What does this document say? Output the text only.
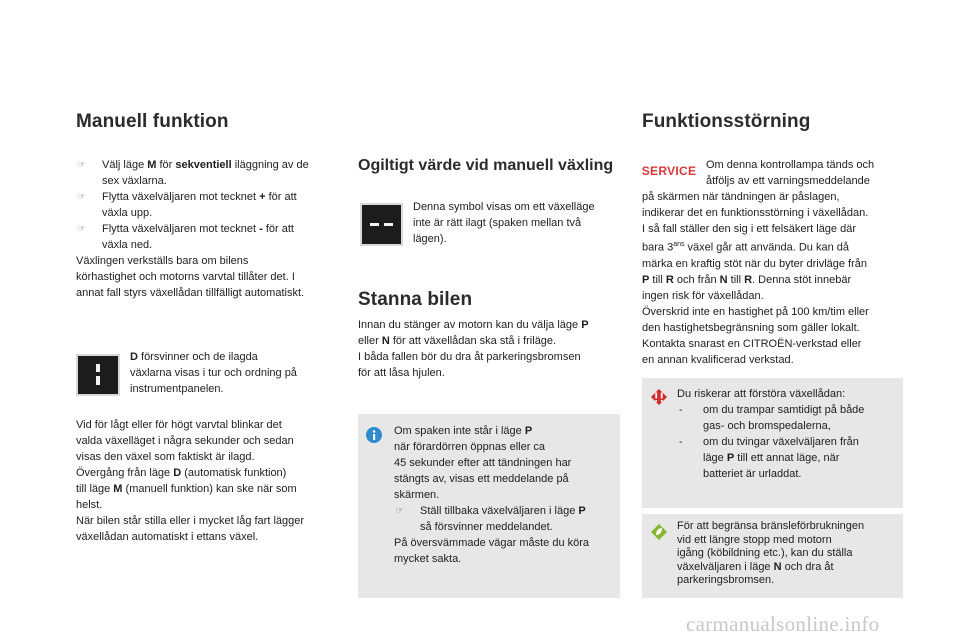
Manuell funktion
☞	Välj läge M för sekventiell iläggning av de
sex växlarna.
☞	Flytta växelväljaren mot tecknet + för att
växla upp.
☞	Flytta växelväljaren mot tecknet - för att
växla ned.
Växlingen verkställs bara om bilens
körhastighet och motorns varvtal tillåter det. I
annat fall styrs växellådan tillfälligt automatiskt.
D försvinner och de ilagda
växlarna visas i tur och ordning på
instrumentpanelen.
Vid för lågt eller för högt varvtal blinkar det
valda växelläget i några sekunder och sedan
visas den växel som faktiskt är ilagd.
Övergång från läge D (automatisk funktion)
till läge M (manuell funktion) kan ske när som
helst.
När bilen står stilla eller i mycket låg fart lägger
växellådan automatiskt i ettans växel.
Ogiltigt värde vid manuell växling
Denna symbol visas om ett växelläge
inte är rätt ilagt (spaken mellan två
lägen).
Stanna bilen
Innan du stänger av motorn kan du välja läge P
eller N för att växellådan ska stå i friläge.
I båda fallen bör du dra åt parkeringsbromsen
för att låsa hjulen.
Om spaken inte står i läge P
när förardörren öppnas eller ca
45 sekunder efter att tändningen har
stängts av, visas ett meddelande på
skärmen.
☞	Ställ tillbaka växelväljaren i läge P
så försvinner meddelandet.
På översvämmade vägar måste du köra
mycket sakta.
Funktionsstörning
SERVICE Om denna kontrollampa tänds och
åtföljs av ett varningsmeddelande
på skärmen när tändningen är påslagen,
indikerar det en funktionsstörning i växellådan.
I så fall ställer den sig i ett felsäkert läge där
bara $3^{ans}$ växel går att använda. Du kan då
märka en kraftig stöt när du byter drivläge från
P till R och från N till R. Denna stöt innebär
ingen risk för växellådan.
Överskrid inte en hastighet på 100 km/tim eller
den hastighetsbegränsning som gäller lokalt.
Kontakta snarast en CITROËN-verkstad eller
en annan kvalificerad verkstad.
Du riskerar att förstöra växellådan:
-	om du trampar samtidigt på både
gas- och bromspedalerna,
-	om du tvingar växelväljaren från
läge P till ett annat läge, när
batteriet är urladdat.
För att begränsa bränsleförbrukningen
vid ett längre stopp med motorn
igång (köbildning etc.), kan du ställa
växelväljaren i läge N och dra åt
parkeringsbromsen.
carmanualsonline.info
